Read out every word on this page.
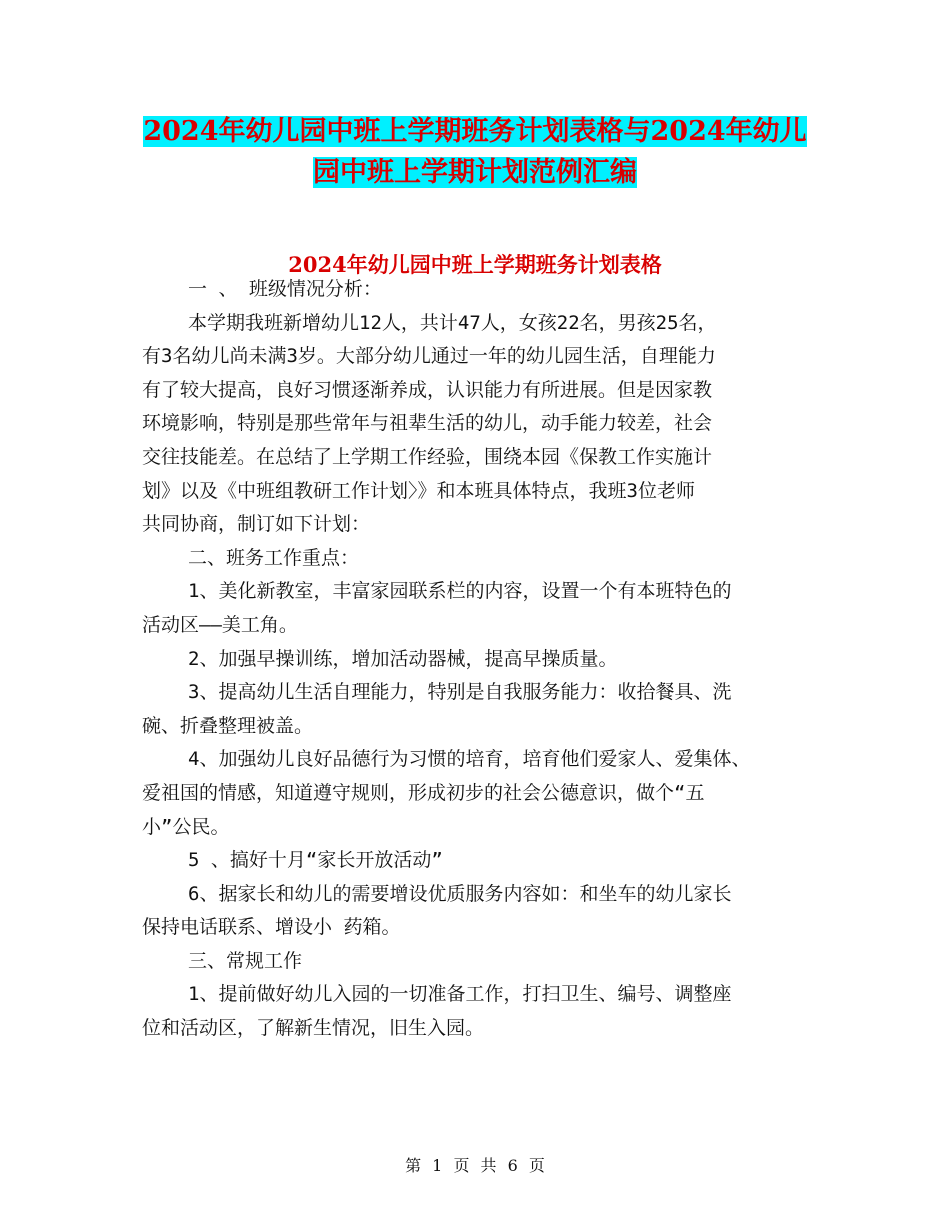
2024年幼儿园中班上学期班务计划表格与2024年幼儿
园中班上学期计划范例汇编
2024年幼儿园中班上学期班务计划表格

一 、 班级情况分析：

本学期我班新增幼儿12人，共计47人，女孩22名，男孩25名，

有3名幼儿尚未满3岁。大部分幼儿通过一年的幼儿园生活，自理能力

有了较大提高，良好习惯逐渐养成，认识能力有所进展。但是因家教

环境影响，特别是那些常年与祖辈生活的幼儿，动手能力较差，社会

交往技能差。在总结了上学期工作经验，围绕本园《保教工作实施计

划》以及《中班组教研工作计划〉》和本班具体特点，我班3位老师

共同协商，制订如下计划：

二、班务工作重点：

1、美化新教室，丰富家园联系栏的内容，设置一个有本班特色的

活动区——美工角。

2、加强早操训练，增加活动器械，提高早操质量。

3、提高幼儿生活自理能力，特别是自我服务能力：收拾餐具、洗

碗、折叠整理被盖。

4、加强幼儿良好品德行为习惯的培育，培育他们爱家人、爱集体、

爱祖国的情感，知道遵守规则，形成初步的社会公德意识，做个“五

小”公民。

5 、搞好十月“家长开放活动”

6、据家长和幼儿的需要增设优质服务内容如：和坐车的幼儿家长

保持电话联系、增设小 药箱。

三、常规工作

1、提前做好幼儿入园的一切准备工作，打扫卫生、编号、调整座

位和活动区，了解新生情况，旧生入园。

第 1 页 共 6 页
